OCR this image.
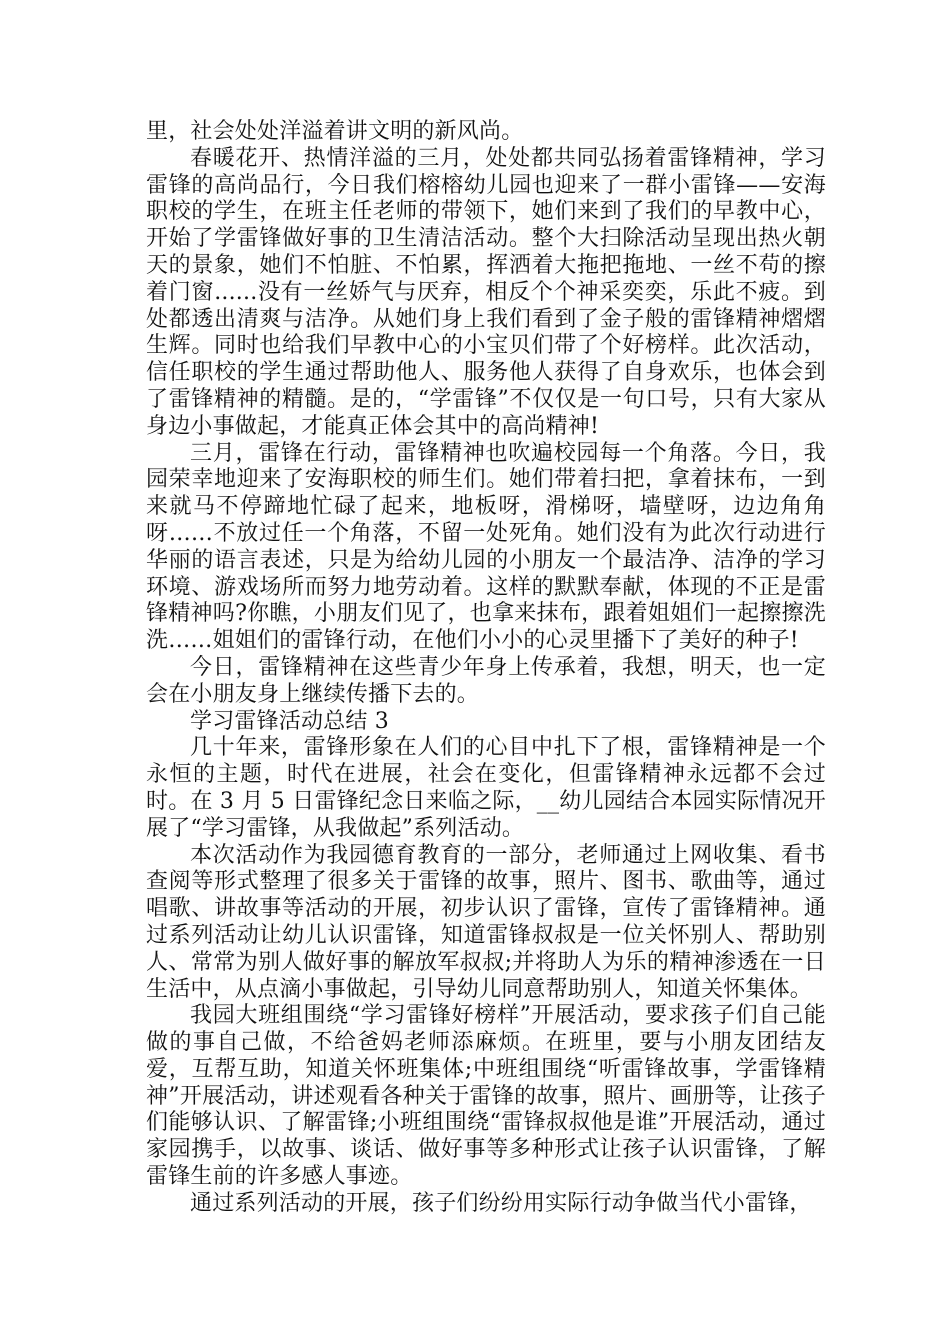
里，社会处处洋溢着讲文明的新风尚。

春暖花开、热情洋溢的三月，处处都共同弘扬着雷锋精神，学习雷锋的高尚品行，今日我们榕榕幼儿园也迎来了一群小雷锋——安海职校的学生，在班主任老师的带领下，她们来到了我们的早教中心，开始了学雷锋做好事的卫生清洁活动。整个大扫除活动呈现出热火朝天的景象，她们不怕脏、不怕累，挥洒着大拖把拖地、一丝不苟的擦着门窗......没有一丝娇气与厌弃，相反个个神采奕奕，乐此不疲。到处都透出清爽与洁净。从她们身上我们看到了金子般的雷锋精神熠熠生辉。同时也给我们早教中心的小宝贝们带了个好榜样。此次活动，信任职校的学生通过帮助他人、服务他人获得了自身欢乐，也体会到了雷锋精神的精髓。是的，“学雷锋”不仅仅是一句口号，只有大家从身边小事做起，才能真正体会其中的高尚精神!

三月，雷锋在行动，雷锋精神也吹遍校园每一个角落。今日，我园荣幸地迎来了安海职校的师生们。她们带着扫把，拿着抹布，一到来就马不停蹄地忙碌了起来，地板呀，滑梯呀，墙壁呀，边边角角呀……不放过任一个角落，不留一处死角。她们没有为此次行动进行华丽的语言表述，只是为给幼儿园的小朋友一个最洁净、洁净的学习环境、游戏场所而努力地劳动着。这样的默默奉献，体现的不正是雷锋精神吗?你瞧，小朋友们见了，也拿来抹布，跟着姐姐们一起擦擦洗洗……姐姐们的雷锋行动，在他们小小的心灵里播下了美好的种子!

今日，雷锋精神在这些青少年身上传承着，我想，明天，也一定会在小朋友身上继续传播下去的。

学习雷锋活动总结 3

几十年来，雷锋形象在人们的心目中扎下了根，雷锋精神是一个永恒的主题，时代在进展，社会在变化，但雷锋精神永远都不会过时。在 3 月 5 日雷锋纪念日来临之际，__幼儿园结合本园实际情况开展了“学习雷锋，从我做起”系列活动。

本次活动作为我园德育教育的一部分，老师通过上网收集、看书查阅等形式整理了很多关于雷锋的故事，照片、图书、歌曲等，通过唱歌、讲故事等活动的开展，初步认识了雷锋，宣传了雷锋精神。通过系列活动让幼儿认识雷锋，知道雷锋叔叔是一位关怀别人、帮助别人、常常为别人做好事的解放军叔叔;并将助人为乐的精神渗透在一日生活中，从点滴小事做起，引导幼儿同意帮助别人，知道关怀集体。

我园大班组围绕“学习雷锋好榜样”开展活动，要求孩子们自己能做的事自己做，不给爸妈老师添麻烦。在班里，要与小朋友团结友爱，互帮互助，知道关怀班集体;中班组围绕“听雷锋故事，学雷锋精神”开展活动，讲述观看各种关于雷锋的故事，照片、画册等，让孩子们能够认识、了解雷锋;小班组围绕“雷锋叔叔他是谁”开展活动，通过家园携手，以故事、谈话、做好事等多种形式让孩子认识雷锋，了解雷锋生前的许多感人事迹。

通过系列活动的开展，孩子们纷纷用实际行动争做当代小雷锋，
